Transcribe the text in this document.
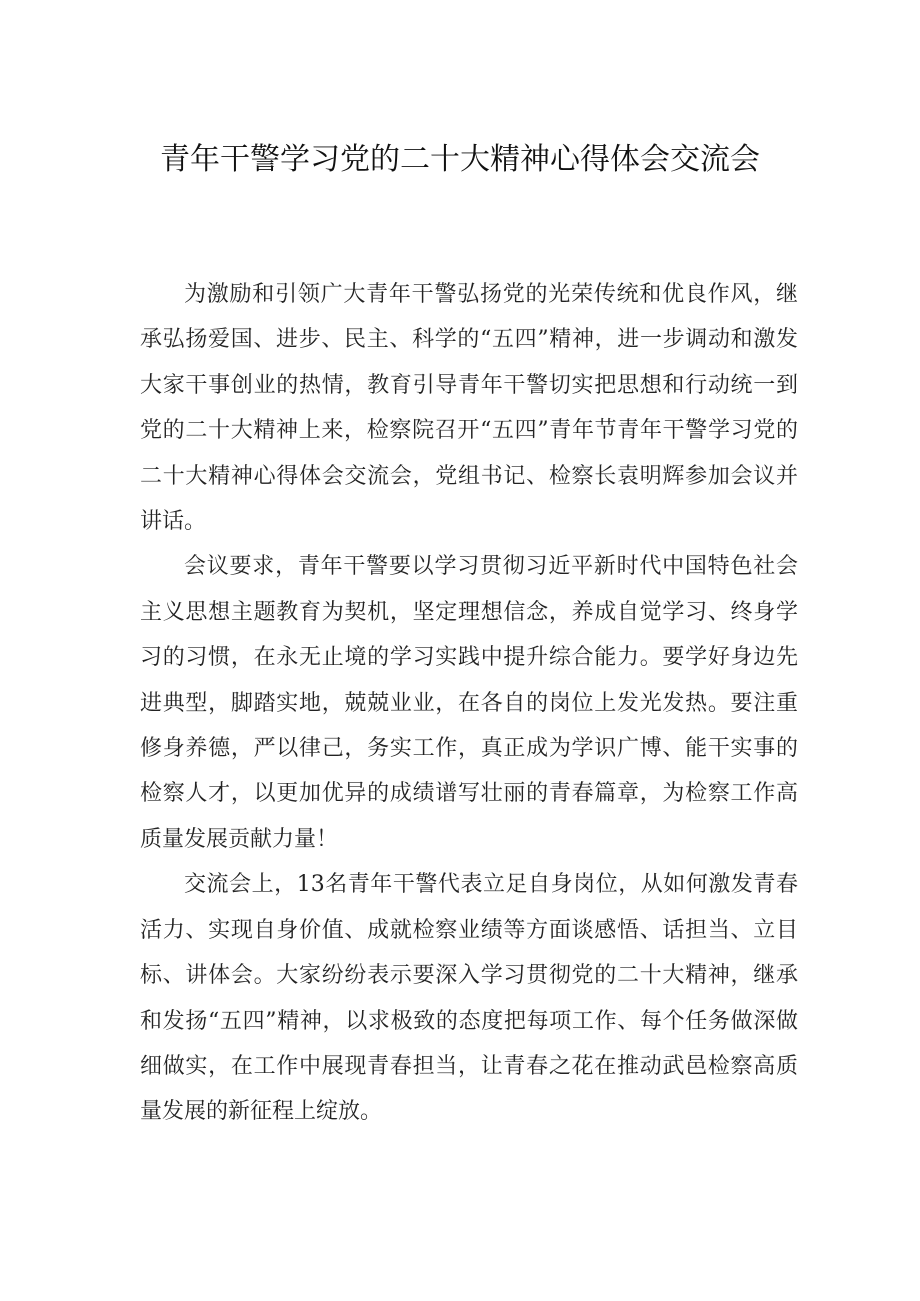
青年干警学习党的二十大精神心得体会交流会

为激励和引领广大青年干警弘扬党的光荣传统和优良作风，继承弘扬爱国、进步、民主、科学的“五四”精神，进一步调动和激发大家干事创业的热情，教育引导青年干警切实把思想和行动统一到党的二十大精神上来，检察院召开“五四”青年节青年干警学习党的二十大精神心得体会交流会，党组书记、检察长袁明辉参加会议并讲话。

会议要求，青年干警要以学习贯彻习近平新时代中国特色社会主义思想主题教育为契机，坚定理想信念，养成自觉学习、终身学习的习惯，在永无止境的学习实践中提升综合能力。要学好身边先进典型，脚踏实地，兢兢业业，在各自的岗位上发光发热。要注重修身养德，严以律己，务实工作，真正成为学识广博、能干实事的检察人才，以更加优异的成绩谱写壮丽的青春篇章，为检察工作高质量发展贡献力量！

交流会上，13名青年干警代表立足自身岗位，从如何激发青春活力、实现自身价值、成就检察业绩等方面谈感悟、话担当、立目标、讲体会。大家纷纷表示要深入学习贯彻党的二十大精神，继承和发扬“五四”精神，以求极致的态度把每项工作、每个任务做深做细做实，在工作中展现青春担当，让青春之花在推动武邑检察高质量发展的新征程上绽放。
